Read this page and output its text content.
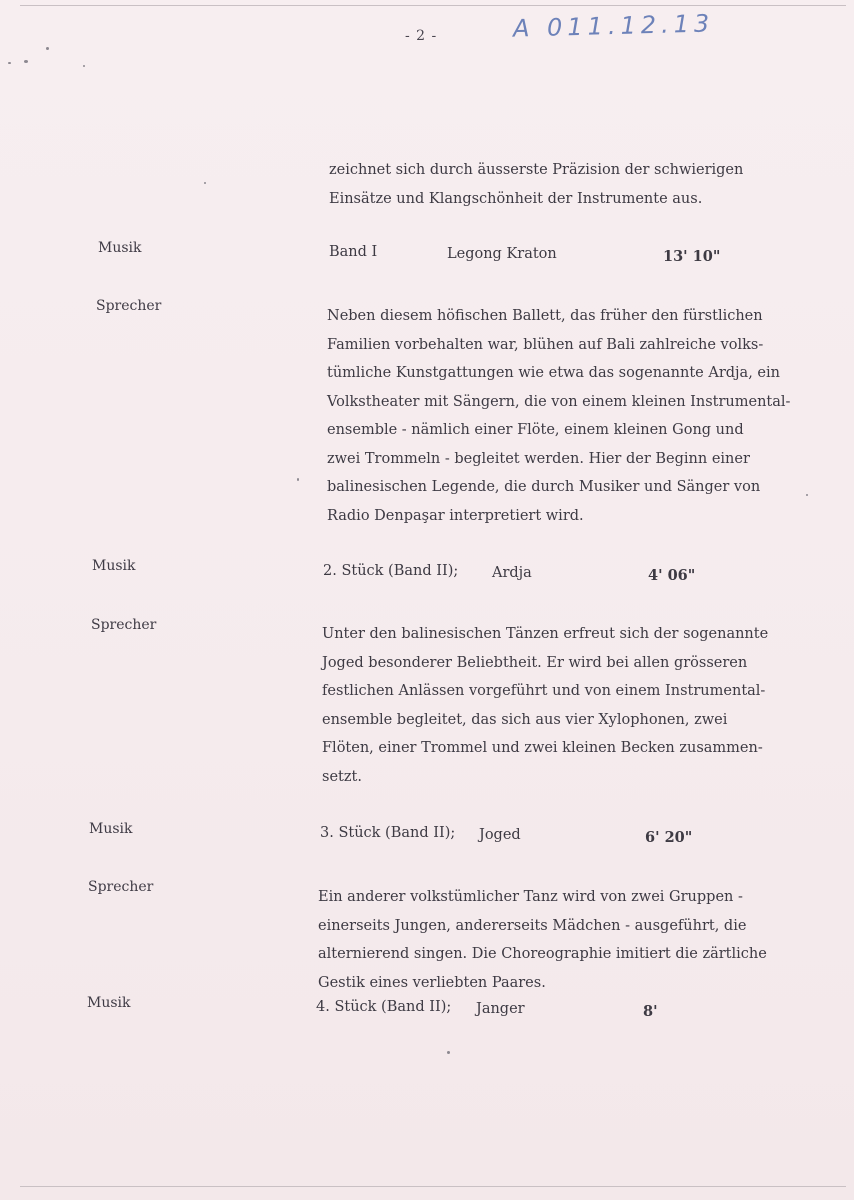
- 2 -	A 011.12.13
zeichnet sich durch äusserste Präzision der schwierigen
Einsätze und Klangschönheit der Instrumente aus.
Musik	Band I	Legong Kraton	13' 10"
Sprecher
Neben diesem höfischen Ballett, das früher den fürstlichen
Familien vorbehalten war, blühen auf Bali zahlreiche volks-
tümliche Kunstgattungen wie etwa das sogenannte Ardja, ein
Volkstheater mit Sängern, die von einem kleinen Instrumental-
ensemble - nämlich einer Flöte, einem kleinen Gong und
zwei Trommeln - begleitet werden. Hier der Beginn einer
balinesischen Legende, die durch Musiker und Sänger von
Radio Denpaşar interpretiert wird.
Musik	2. Stück (Band II); Ardja	4' 06"
Sprecher
Unter den balinesischen Tänzen erfreut sich der sogenannte
Joged besonderer Beliebtheit. Er wird bei allen grösseren
festlichen Anlässen vorgeführt und von einem Instrumental-
ensemble begleitet, das sich aus vier Xylophonen, zwei
Flöten, einer Trommel und zwei kleinen Becken zusammen-
setzt.
Musik	3. Stück (Band II); Joged	6' 20"
Sprecher
Ein anderer volkstümlicher Tanz wird von zwei Gruppen -
einerseits Jungen, andererseits Mädchen - ausgeführt, die
alternierend singen. Die Choreographie imitiert die zärtliche
Gestik eines verliebten Paares.
Musik	4. Stück (Band II); Janger	8'
